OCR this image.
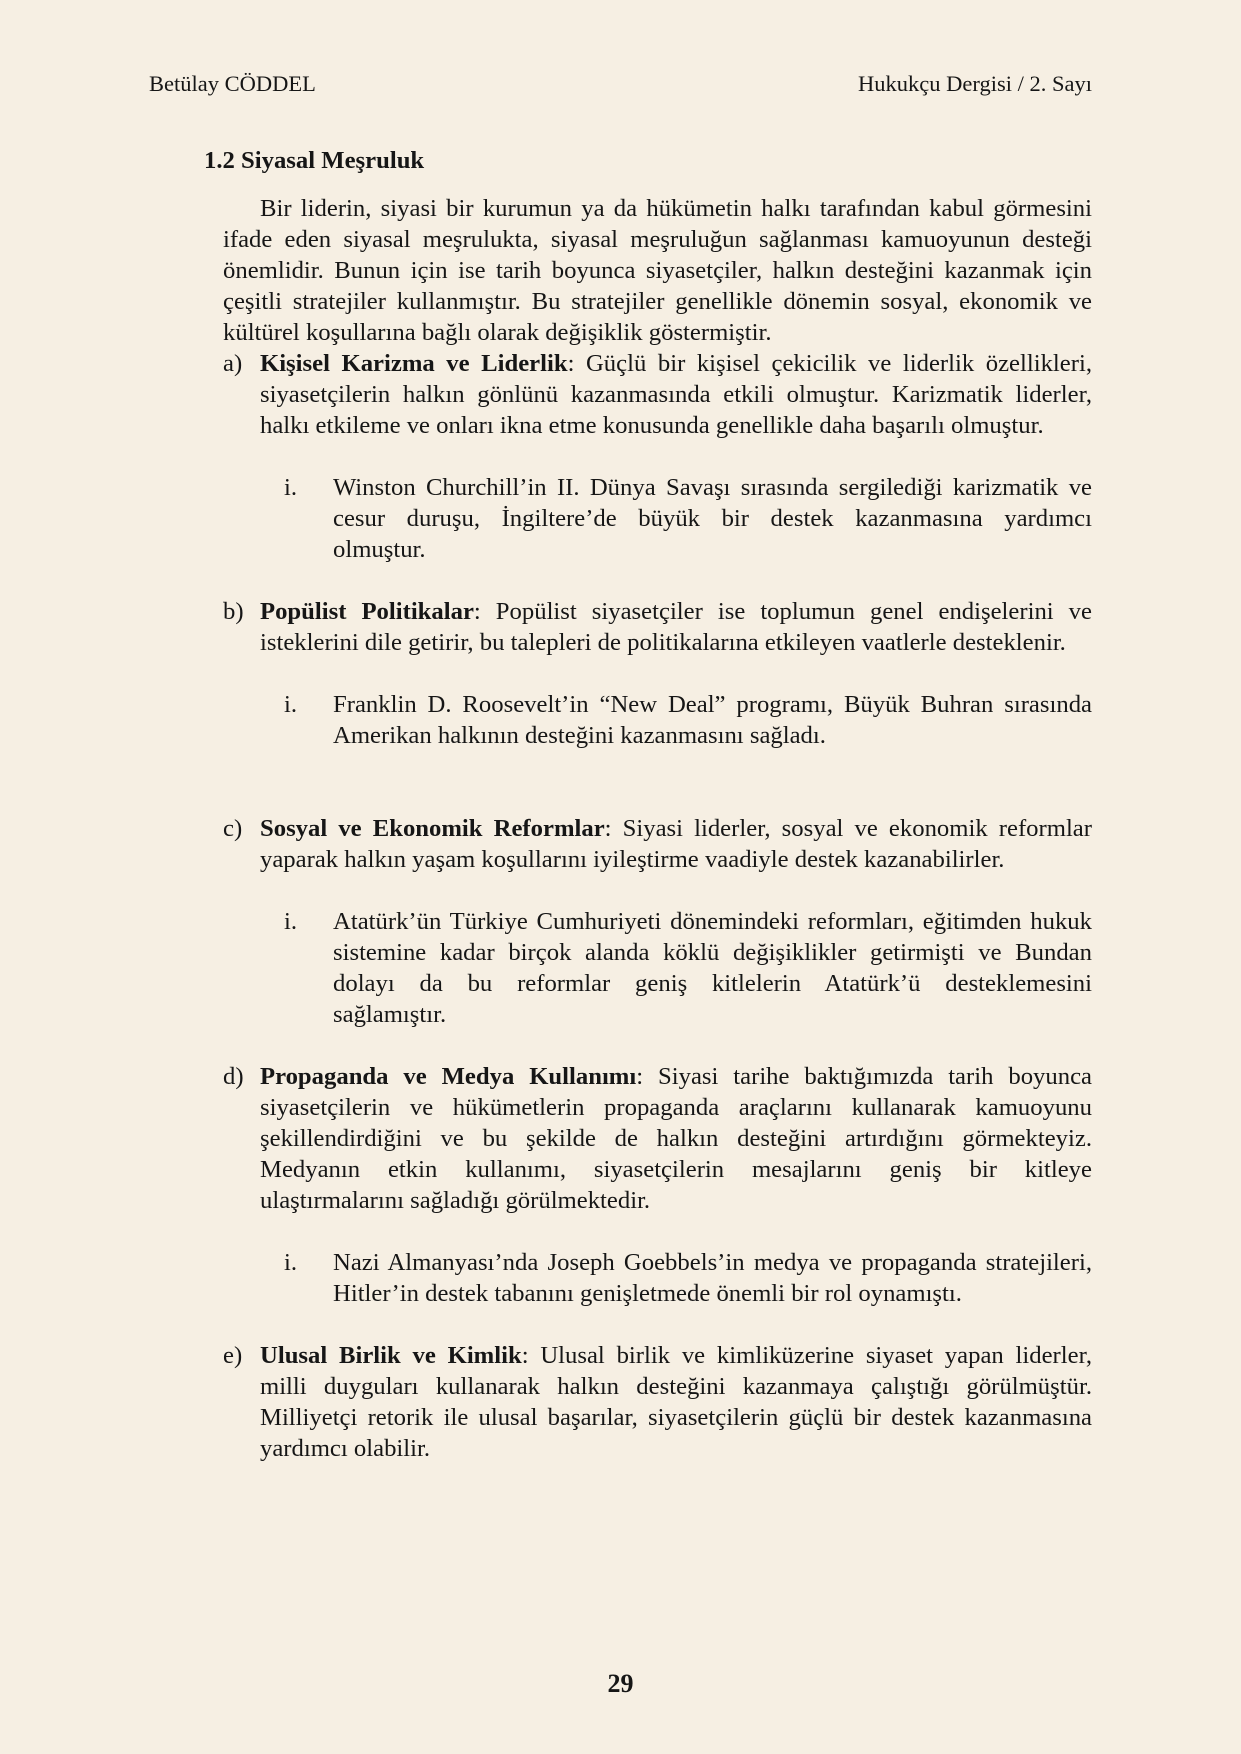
Betülay CÖDDEL	Hukukçu Dergisi / 2. Sayı
1.2 Siyasal Meşruluk
Bir liderin, siyasi bir kurumun ya da hükümetin halkı tarafından kabul görmesini
ifade eden siyasal meşrulukta, siyasal meşruluğun sağlanması kamuoyunun desteği
önemlidir. Bunun için ise tarih boyunca siyasetçiler, halkın desteğini kazanmak için
çeşitli stratejiler kullanmıştır. Bu stratejiler genellikle dönemin sosyal, ekonomik ve
kültürel koşullarına bağlı olarak değişiklik göstermiştir.
a) Kişisel Karizma ve Liderlik: Güçlü bir kişisel çekicilik ve liderlik özellikleri,
siyasetçilerin halkın gönlünü kazanmasında etkili olmuştur. Karizmatik liderler,
halkı etkileme ve onları ikna etme konusunda genellikle daha başarılı olmuştur.
i. Winston Churchill’in II. Dünya Savaşı sırasında sergilediği karizmatik ve
cesur duruşu, İngiltere’de büyük bir destek kazanmasına yardımcı
olmuştur.
b) Popülist Politikalar: Popülist siyasetçiler ise toplumun genel endişelerini ve
isteklerini dile getirir, bu talepleri de politikalarına etkileyen vaatlerle desteklenir.
i. Franklin D. Roosevelt’in “New Deal” programı, Büyük Buhran sırasında
Amerikan halkının desteğini kazanmasını sağladı.
c) Sosyal ve Ekonomik Reformlar: Siyasi liderler, sosyal ve ekonomik reformlar
yaparak halkın yaşam koşullarını iyileştirme vaadiyle destek kazanabilirler.
i. Atatürk’ün Türkiye Cumhuriyeti dönemindeki reformları, eğitimden hukuk
sistemine kadar birçok alanda köklü değişiklikler getirmişti ve Bundan
dolayı da bu reformlar geniş kitlelerin Atatürk’ü desteklemesini
sağlamıştır.
d) Propaganda ve Medya Kullanımı: Siyasi tarihe baktığımızda tarih boyunca
siyasetçilerin ve hükümetlerin propaganda araçlarını kullanarak kamuoyunu
şekillendirdiğini ve bu şekilde de halkın desteğini artırdığını görmekteyiz.
Medyanın etkin kullanımı, siyasetçilerin mesajlarını geniş bir kitleye
ulaştırmalarını sağladığı görülmektedir.
i. Nazi Almanyası’nda Joseph Goebbels’in medya ve propaganda stratejileri,
Hitler’in destek tabanını genişletmede önemli bir rol oynamıştı.
e) Ulusal Birlik ve Kimlik: Ulusal birlik ve kimliküzerine siyaset yapan liderler,
milli duyguları kullanarak halkın desteğini kazanmaya çalıştığı görülmüştür.
Milliyetçi retorik ile ulusal başarılar, siyasetçilerin güçlü bir destek kazanmasına
yardımcı olabilir.
29
